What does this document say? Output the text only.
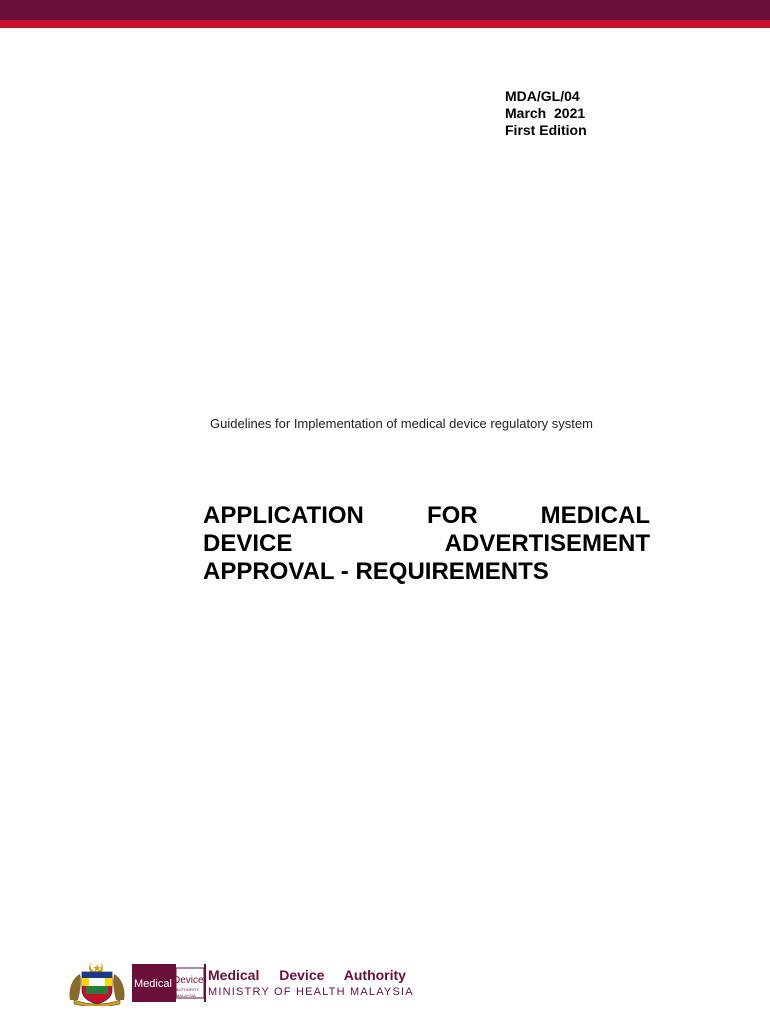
MDA/GL/04
March  2021
First Edition
Guidelines for Implementation of medical device regulatory system
APPLICATION	FOR	MEDICAL
DEVICE	ADVERTISEMENT
APPROVAL - REQUIREMENTS
Medical Device
AUTHORITY
MALAYSIA
Medical Device Authority
MINISTRY OF HEALTH MALAYSIA
